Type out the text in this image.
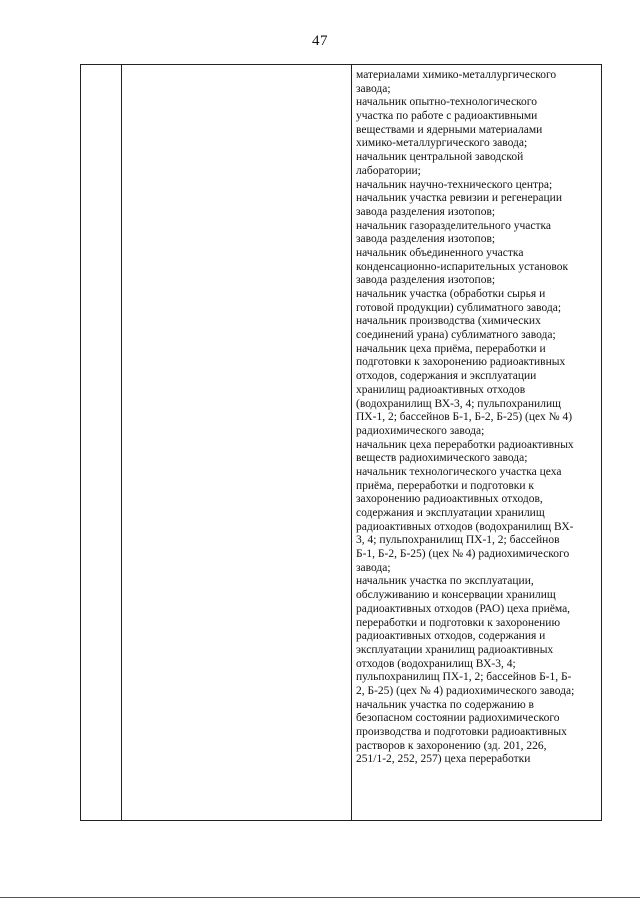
47
материалами химико-металлургического
завода;
начальник опытно-технологического
участка по работе с радиоактивными
веществами и ядерными материалами
химико-металлургического завода;
начальник центральной заводской
лаборатории;
начальник научно-технического центра;
начальник участка ревизии и регенерации
завода разделения изотопов;
начальник газоразделительного участка
завода разделения изотопов;
начальник объединенного участка
конденсационно-испарительных установок
завода разделения изотопов;
начальник участка (обработки сырья и
готовой продукции) сублиматного завода;
начальник производства (химических
соединений урана) сублиматного завода;
начальник цеха приёма, переработки и
подготовки к захоронению радиоактивных
отходов, содержания и эксплуатации
хранилищ радиоактивных отходов
(водохранилищ ВХ-3, 4; пульпохранилищ
ПХ-1, 2; бассейнов Б-1, Б-2, Б-25) (цех № 4)
радиохимического завода;
начальник цеха переработки радиоактивных
веществ радиохимического завода;
начальник технологического участка цеха
приёма, переработки и подготовки к
захоронению радиоактивных отходов,
содержания и эксплуатации хранилищ
радиоактивных отходов (водохранилищ ВХ-
3, 4; пульпохранилищ ПХ-1, 2; бассейнов
Б-1, Б-2, Б-25) (цех № 4) радиохимического
завода;
начальник участка по эксплуатации,
обслуживанию и консервации хранилищ
радиоактивных отходов (РАО) цеха приёма,
переработки и подготовки к захоронению
радиоактивных отходов, содержания и
эксплуатации хранилищ радиоактивных
отходов (водохранилищ ВХ-3, 4;
пульпохранилищ ПХ-1, 2; бассейнов Б-1, Б-
2, Б-25) (цех № 4) радиохимического завода;
начальник участка по содержанию в
безопасном состоянии радиохимического
производства и подготовки радиоактивных
растворов к захоронению (зд. 201, 226,
251/1-2, 252, 257) цеха переработки
